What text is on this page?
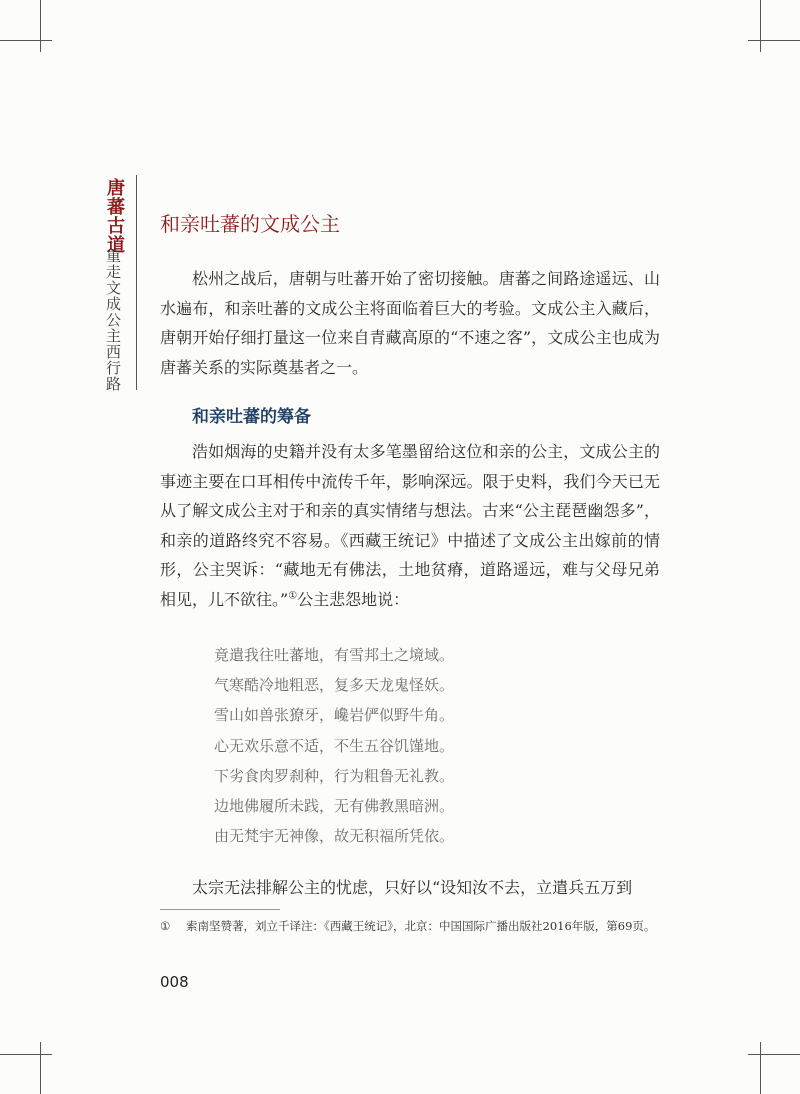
唐蕃古道
重走文成公主西行路
和亲吐蕃的文成公主

松州之战后，唐朝与吐蕃开始了密切接触。唐蕃之间路途遥远、山水遍布，和亲吐蕃的文成公主将面临着巨大的考验。文成公主入藏后，唐朝开始仔细打量这一位来自青藏高原的“不速之客”，文成公主也成为唐蕃关系的实际奠基者之一。

和亲吐蕃的筹备

浩如烟海的史籍并没有太多笔墨留给这位和亲的公主，文成公主的事迹主要在口耳相传中流传千年，影响深远。限于史料，我们今天已无从了解文成公主对于和亲的真实情绪与想法。古来“公主琵琶幽怨多”，和亲的道路终究不容易。《西藏王统记》中描述了文成公主出嫁前的情形，公主哭诉：“藏地无有佛法，土地贫瘠，道路遥远，难与父母兄弟相见，儿不欲往。”①公主悲怨地说：

竟遣我往吐蕃地，有雪邦土之境域。
气寒酷冷地粗恶，复多天龙鬼怪妖。
雪山如兽张獠牙，巉岩俨似野牛角。
心无欢乐意不适，不生五谷饥馑地。
下劣食肉罗刹种，行为粗鲁无礼教。
边地佛履所未践，无有佛教黑暗洲。
由无梵宇无神像，故无积福所凭依。

太宗无法排解公主的忧虑，只好以“设知汝不去，立遣兵五万到

①	索南坚赞著，刘立千译注：《西藏王统记》，北京：中国国际广播出版社2016年版，第69页。
008
